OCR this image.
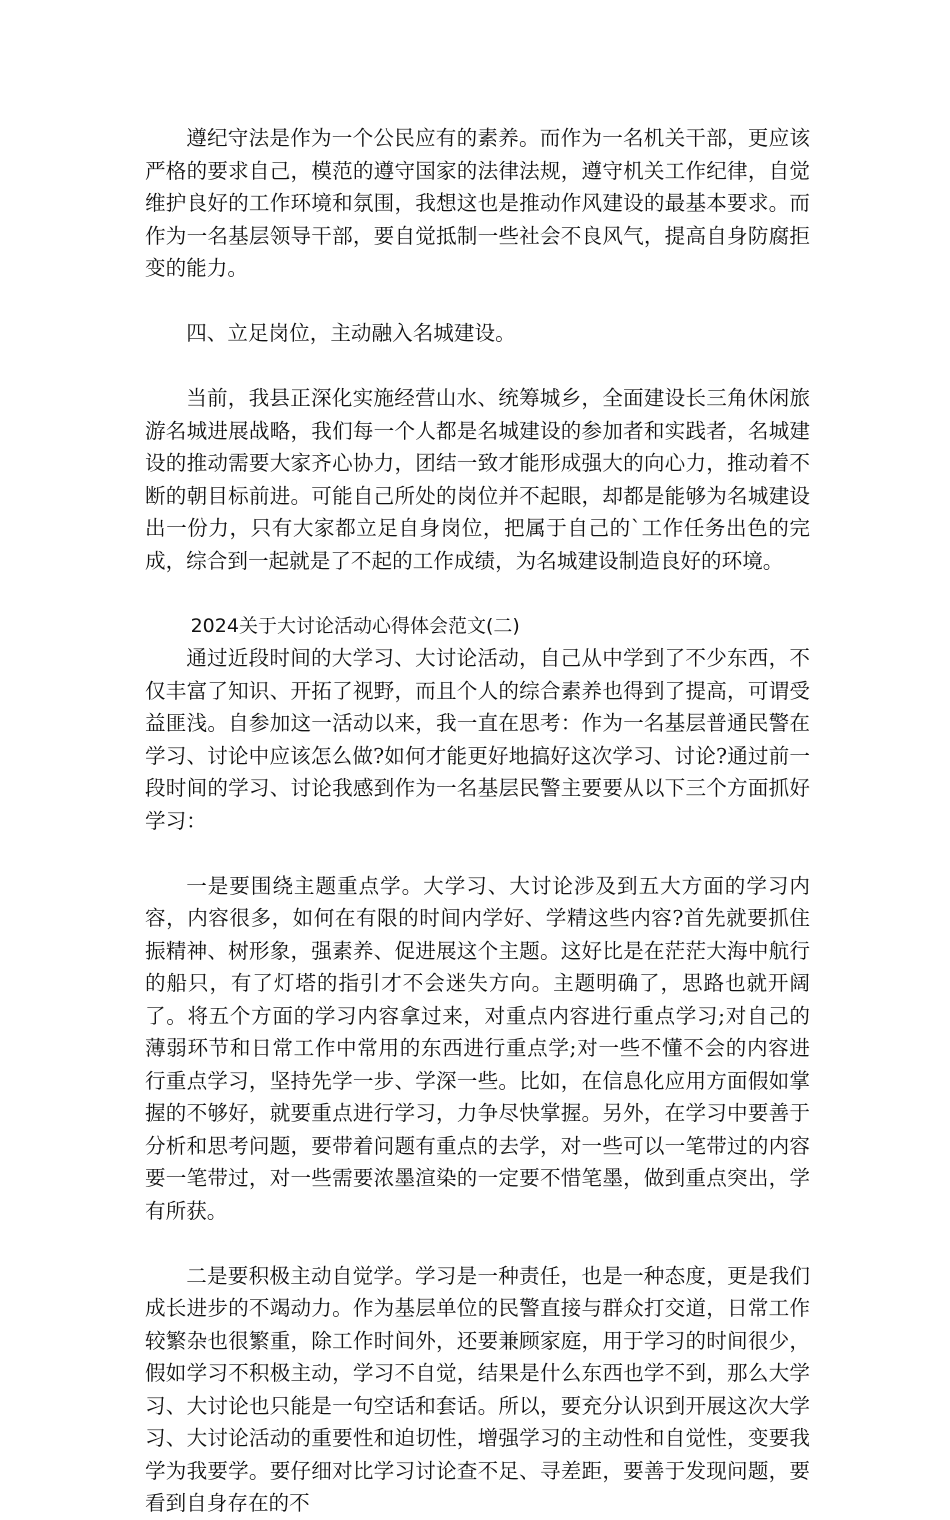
遵纪守法是作为一个公民应有的素养。而作为一名机关干部，更应该严格的要求自己，模范的遵守国家的法律法规，遵守机关工作纪律，自觉维护良好的工作环境和氛围，我想这也是推动作风建设的最基本要求。而作为一名基层领导干部，要自觉抵制一些社会不良风气，提高自身防腐拒变的能力。

四、立足岗位，主动融入名城建设。

当前，我县正深化实施经营山水、统筹城乡，全面建设长三角休闲旅游名城进展战略，我们每一个人都是名城建设的参加者和实践者，名城建设的推动需要大家齐心协力，团结一致才能形成强大的向心力，推动着不断的朝目标前进。可能自己所处的岗位并不起眼，却都是能够为名城建设出一份力，只有大家都立足自身岗位，把属于自己的`工作任务出色的完成，综合到一起就是了不起的工作成绩，为名城建设制造良好的环境。

2024关于大讨论活动心得体会范文(二)

通过近段时间的大学习、大讨论活动，自己从中学到了不少东西，不仅丰富了知识、开拓了视野，而且个人的综合素养也得到了提高，可谓受益匪浅。自参加这一活动以来，我一直在思考：作为一名基层普通民警在学习、讨论中应该怎么做?如何才能更好地搞好这次学习、讨论?通过前一段时间的学习、讨论我感到作为一名基层民警主要要从以下三个方面抓好学习：

一是要围绕主题重点学。大学习、大讨论涉及到五大方面的学习内容，内容很多，如何在有限的时间内学好、学精这些内容?首先就要抓住振精神、树形象，强素养、促进展这个主题。这好比是在茫茫大海中航行的船只，有了灯塔的指引才不会迷失方向。主题明确了，思路也就开阔了。将五个方面的学习内容拿过来，对重点内容进行重点学习;对自己的薄弱环节和日常工作中常用的东西进行重点学;对一些不懂不会的内容进行重点学习，坚持先学一步、学深一些。比如，在信息化应用方面假如掌握的不够好，就要重点进行学习，力争尽快掌握。另外，在学习中要善于分析和思考问题，要带着问题有重点的去学，对一些可以一笔带过的内容要一笔带过，对一些需要浓墨渲染的一定要不惜笔墨，做到重点突出，学有所获。

二是要积极主动自觉学。学习是一种责任，也是一种态度，更是我们成长进步的不竭动力。作为基层单位的民警直接与群众打交道，日常工作较繁杂也很繁重，除工作时间外，还要兼顾家庭，用于学习的时间很少，假如学习不积极主动，学习不自觉，结果是什么东西也学不到，那么大学习、大讨论也只能是一句空话和套话。所以，要充分认识到开展这次大学习、大讨论活动的重要性和迫切性，增强学习的主动性和自觉性，变要我学为我要学。要仔细对比学习讨论查不足、寻差距，要善于发现问题，要看到自身存在的不
